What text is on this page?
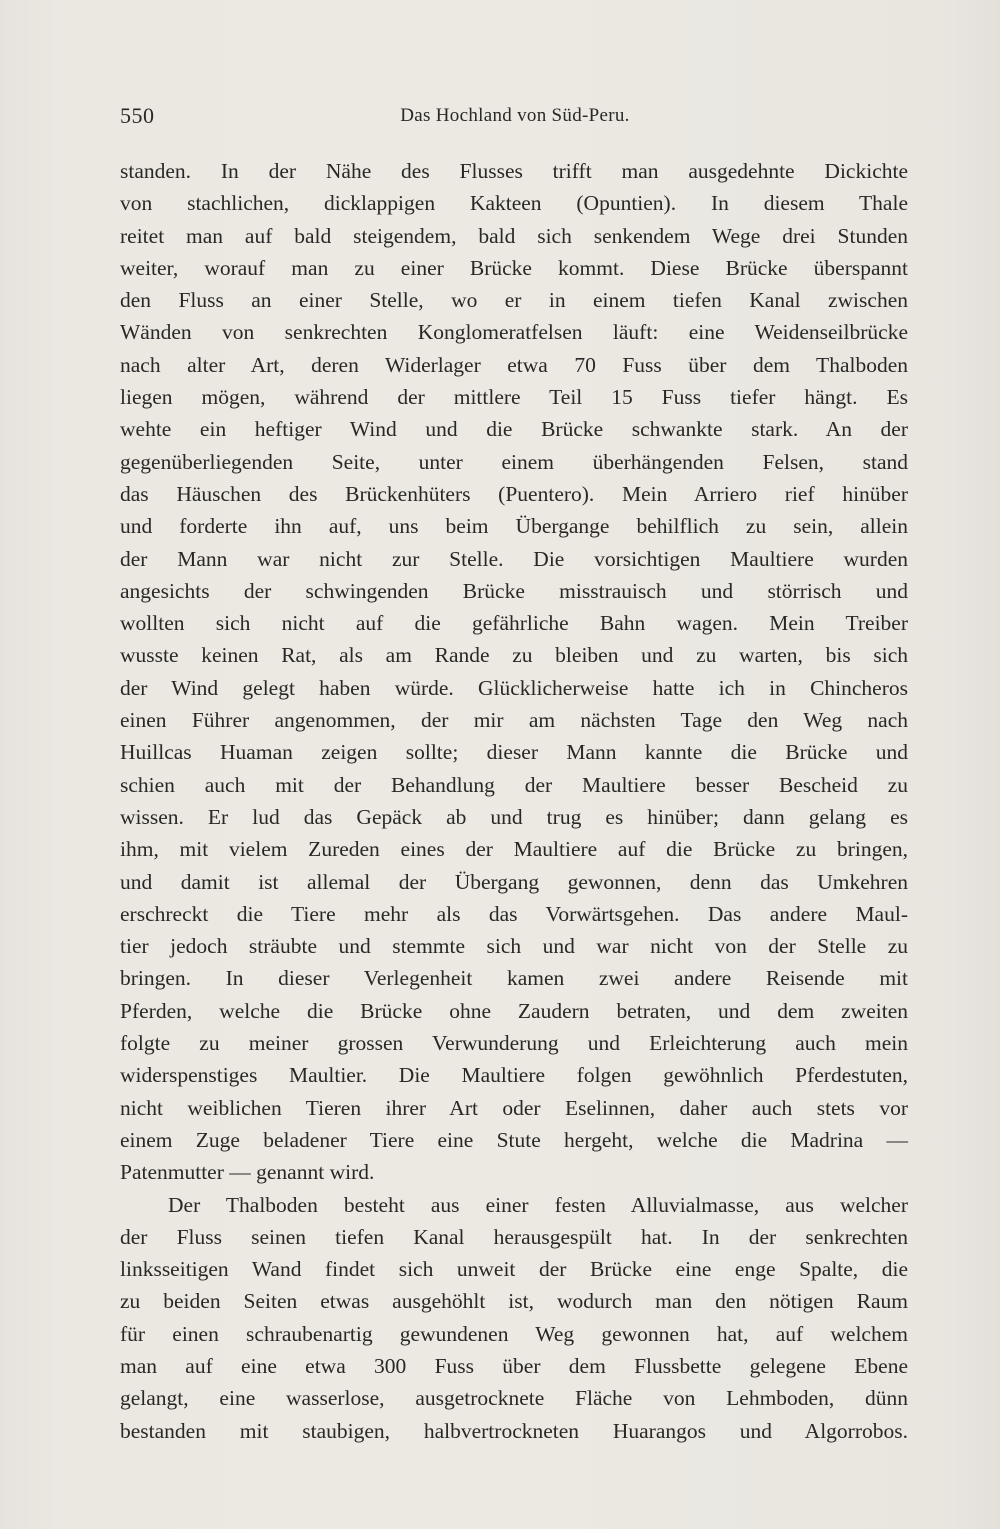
550	Das Hochland von Süd-Peru.
standen. In der Nähe des Flusses trifft man ausgedehnte Dickichte
von stachlichen, dicklappigen Kakteen (Opuntien). In diesem Thale
reitet man auf bald steigendem, bald sich senkendem Wege drei Stunden
weiter, worauf man zu einer Brücke kommt. Diese Brücke überspannt
den Fluss an einer Stelle, wo er in einem tiefen Kanal zwischen
Wänden von senkrechten Konglomeratfelsen läuft: eine Weidenseilbrücke
nach alter Art, deren Widerlager etwa 70 Fuss über dem Thalboden
liegen mögen, während der mittlere Teil 15 Fuss tiefer hängt. Es
wehte ein heftiger Wind und die Brücke schwankte stark. An der
gegenüberliegenden Seite, unter einem überhängenden Felsen, stand
das Häuschen des Brückenhüters (Puentero). Mein Arriero rief hinüber
und forderte ihn auf, uns beim Übergange behilflich zu sein, allein
der Mann war nicht zur Stelle. Die vorsichtigen Maultiere wurden
angesichts der schwingenden Brücke misstrauisch und störrisch und
wollten sich nicht auf die gefährliche Bahn wagen. Mein Treiber
wusste keinen Rat, als am Rande zu bleiben und zu warten, bis sich
der Wind gelegt haben würde. Glücklicherweise hatte ich in Chincheros
einen Führer angenommen, der mir am nächsten Tage den Weg nach
Huillcas Huaman zeigen sollte; dieser Mann kannte die Brücke und
schien auch mit der Behandlung der Maultiere besser Bescheid zu
wissen. Er lud das Gepäck ab und trug es hinüber; dann gelang es
ihm, mit vielem Zureden eines der Maultiere auf die Brücke zu bringen,
und damit ist allemal der Übergang gewonnen, denn das Umkehren
erschreckt die Tiere mehr als das Vorwärtsgehen. Das andere Maul-
tier jedoch sträubte und stemmte sich und war nicht von der Stelle zu
bringen. In dieser Verlegenheit kamen zwei andere Reisende mit
Pferden, welche die Brücke ohne Zaudern betraten, und dem zweiten
folgte zu meiner grossen Verwunderung und Erleichterung auch mein
widerspenstiges Maultier. Die Maultiere folgen gewöhnlich Pferdestuten,
nicht weiblichen Tieren ihrer Art oder Eselinnen, daher auch stets vor
einem Zuge beladener Tiere eine Stute hergeht, welche die Madrina —
Patenmutter — genannt wird.
Der Thalboden besteht aus einer festen Alluvialmasse, aus welcher
der Fluss seinen tiefen Kanal herausgespült hat. In der senkrechten
linksseitigen Wand findet sich unweit der Brücke eine enge Spalte, die
zu beiden Seiten etwas ausgehöhlt ist, wodurch man den nötigen Raum
für einen schraubenartig gewundenen Weg gewonnen hat, auf welchem
man auf eine etwa 300 Fuss über dem Flussbette gelegene Ebene
gelangt, eine wasserlose, ausgetrocknete Fläche von Lehmboden, dünn
bestanden mit staubigen, halbvertrockneten Huarangos und Algorrobos.
